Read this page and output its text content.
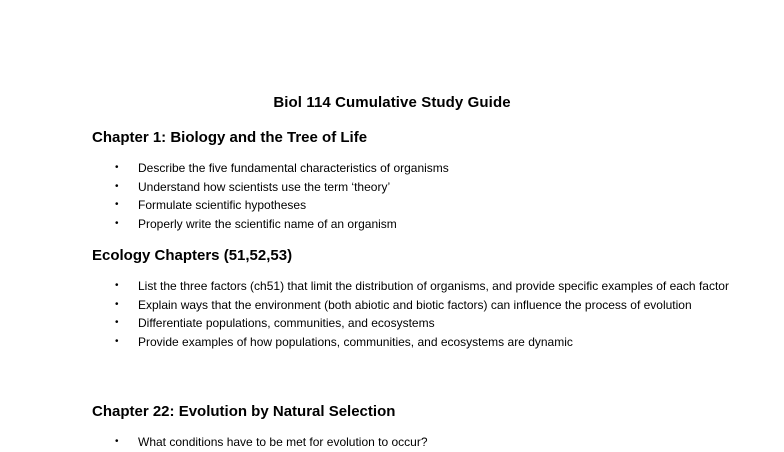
Biol 114 Cumulative Study Guide
Chapter 1: Biology and the Tree of Life
• Describe the five fundamental characteristics of organisms
• Understand how scientists use the term ‘theory’
• Formulate scientific hypotheses
• Properly write the scientific name of an organism
Ecology Chapters (51,52,53)
• List the three factors (ch51) that limit the distribution of organisms, and provide specific examples of each factor
• Explain ways that the environment (both abiotic and biotic factors) can influence the process of evolution
• Differentiate populations, communities, and ecosystems
• Provide examples of how populations, communities, and ecosystems are dynamic
Chapter 22: Evolution by Natural Selection
• What conditions have to be met for evolution to occur?
